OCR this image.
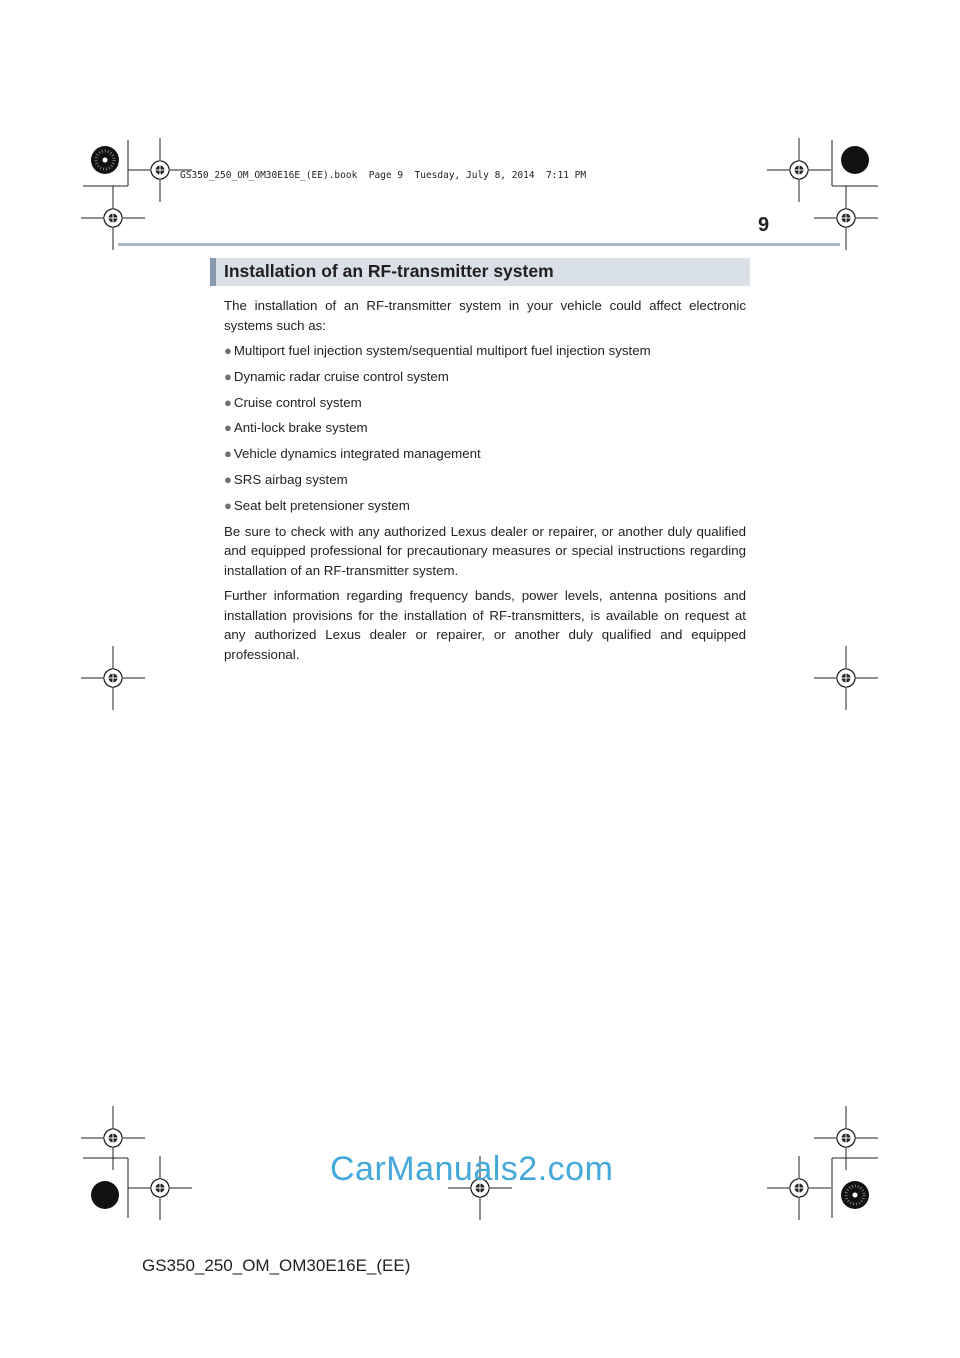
GS350_250_OM_OM30E16E_(EE).book  Page 9  Tuesday, July 8, 2014  7:11 PM
9
Installation of an RF-transmitter system

The installation of an RF-transmitter system in your vehicle could affect electronic systems such as:

● Multiport fuel injection system/sequential multiport fuel injection system
● Dynamic radar cruise control system
● Cruise control system
● Anti-lock brake system
● Vehicle dynamics integrated management
● SRS airbag system
● Seat belt pretensioner system

Be sure to check with any authorized Lexus dealer or repairer, or another duly qualified and equipped professional for precautionary measures or special instructions regarding installation of an RF-transmitter system.

Further information regarding frequency bands, power levels, antenna positions and installation provisions for the installation of RF-transmitters, is available on request at any authorized Lexus dealer or repairer, or another duly qualified and equipped professional.

CarManuals2.com
GS350_250_OM_OM30E16E_(EE)
